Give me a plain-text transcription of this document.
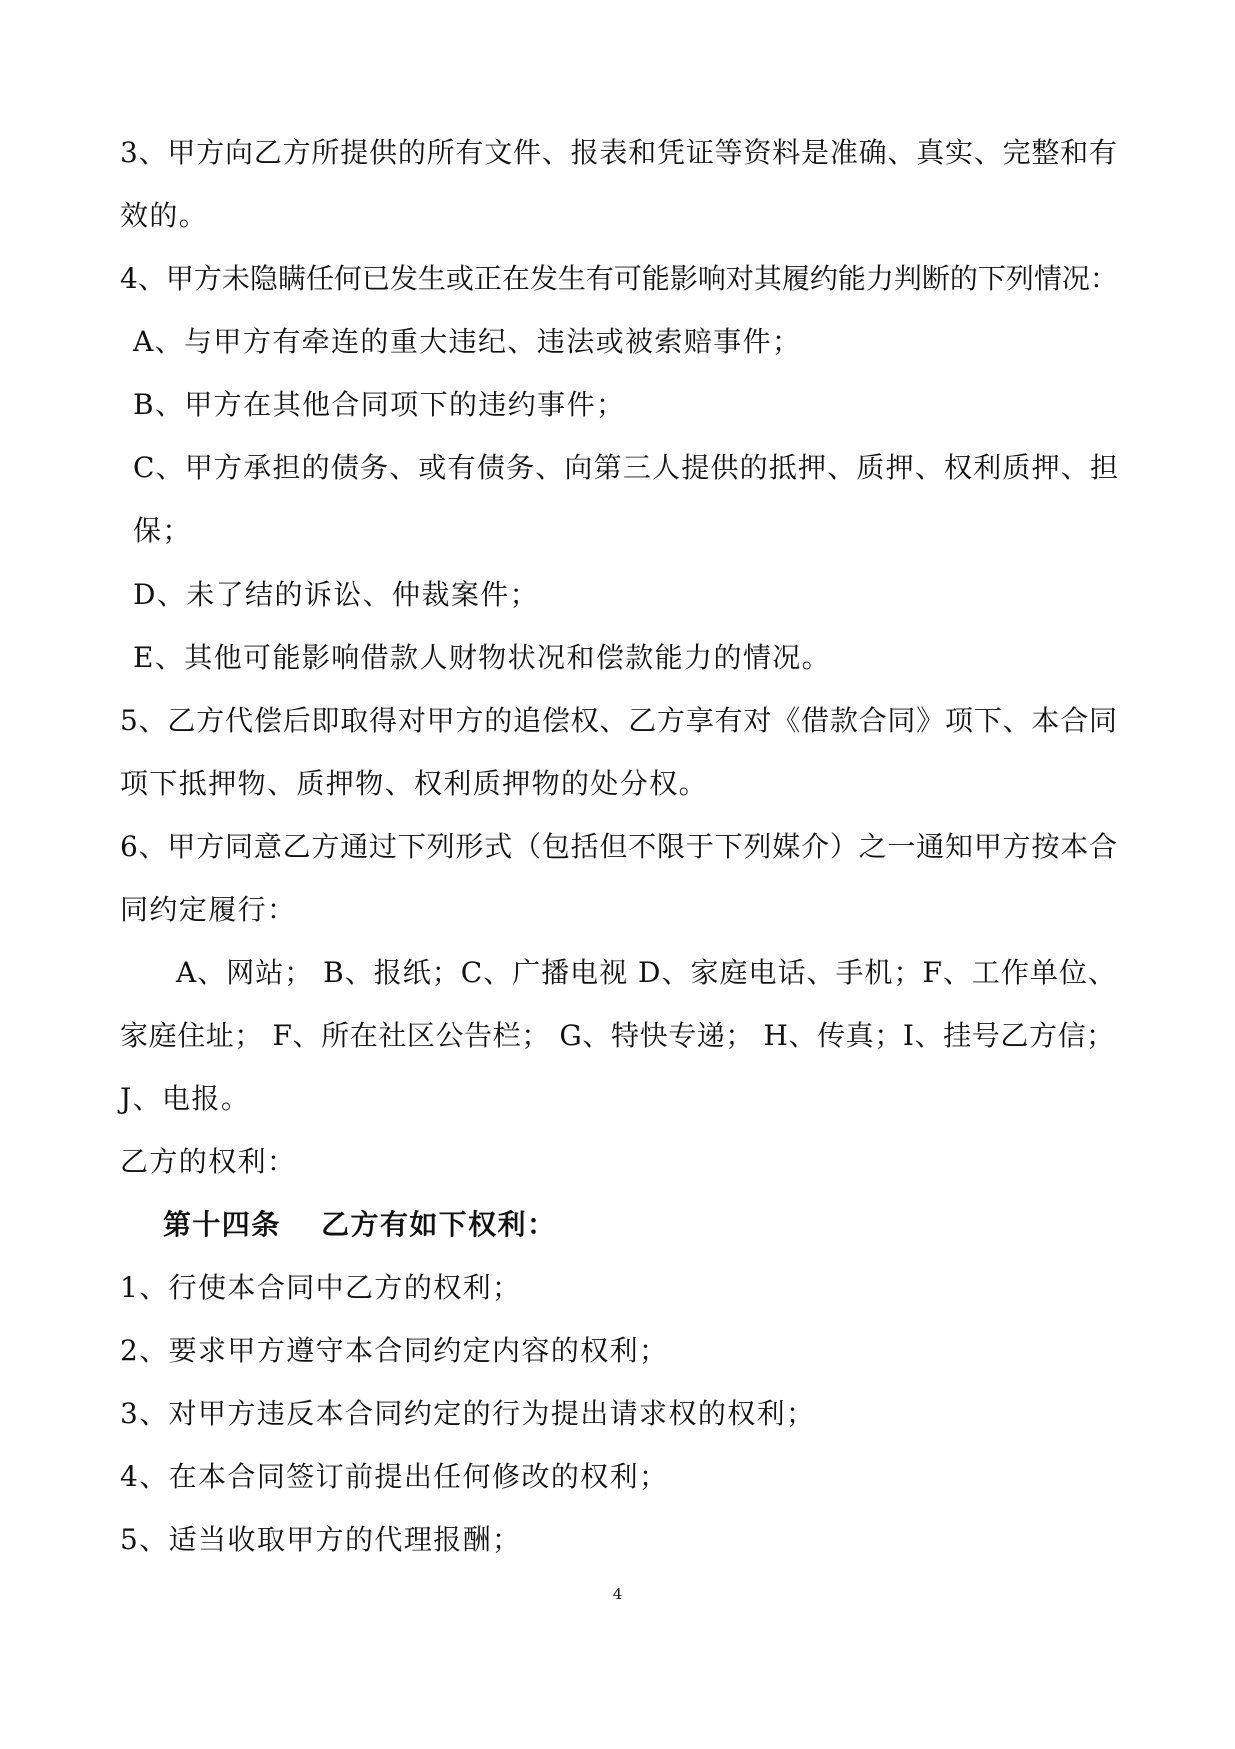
3、甲方向乙方所提供的所有文件、报表和凭证等资料是准确、真实、完整和有
效的。
4、甲方未隐瞒任何已发生或正在发生有可能影响对其履约能力判断的下列情况：
A、与甲方有牵连的重大违纪、违法或被索赔事件；
B、甲方在其他合同项下的违约事件；
C、甲方承担的债务、或有债务、向第三人提供的抵押、质押、权利质押、担
保；
D、未了结的诉讼、仲裁案件；
E、其他可能影响借款人财物状况和偿款能力的情况。
5、乙方代偿后即取得对甲方的追偿权、乙方享有对《借款合同》项下、本合同
项下抵押物、质押物、权利质押物的处分权。
6、甲方同意乙方通过下列形式（包括但不限于下列媒介）之一通知甲方按本合
同约定履行：
A、网站； B、报纸；C、广播电视 D、家庭电话、手机；F、工作单位、
家庭住址； F、所在社区公告栏； G、特快专递； H、传真；I、挂号乙方信；
J、电报。
乙方的权利：
第十四条　 乙方有如下权利：
1、行使本合同中乙方的权利；
2、要求甲方遵守本合同约定内容的权利；
3、对甲方违反本合同约定的行为提出请求权的权利；
4、在本合同签订前提出任何修改的权利；
5、适当收取甲方的代理报酬；
4
